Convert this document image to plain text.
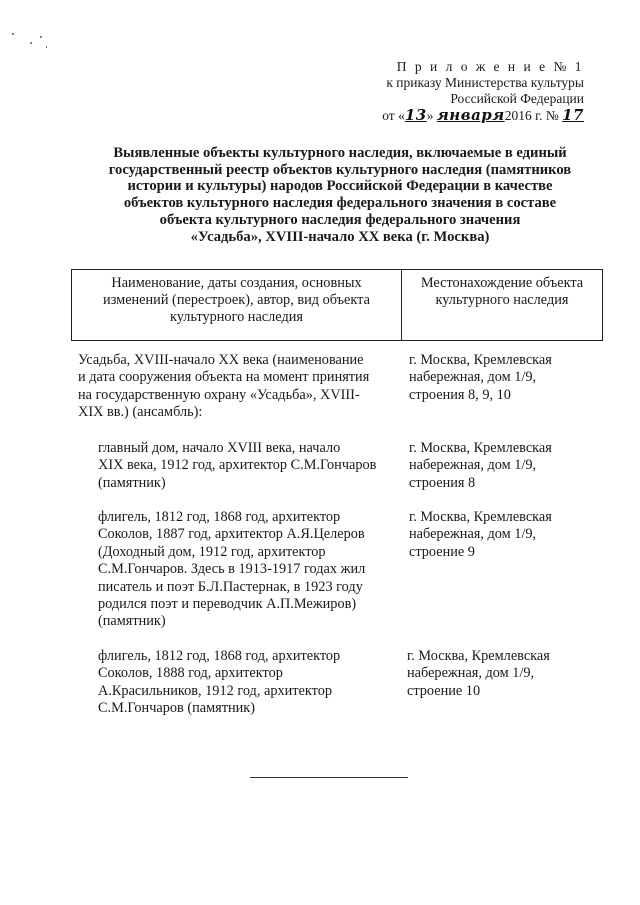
П р и л о ж е н и е № 1
к приказу Министерства культуры
Российской Федерации
от «13» января2016 г. № 17
Выявленные объекты культурного наследия, включаемые в единый
государственный реестр объектов культурного наследия (памятников
истории и культуры) народов Российской Федерации в качестве
объектов культурного наследия федерального значения в составе
объекта культурного наследия федерального значения
«Усадьба», XVIII-начало XX века (г. Москва)
Наименование, даты создания, основных
изменений (перестроек), автор, вид объекта
культурного наследия
Местонахождение объекта
культурного наследия
Усадьба, XVIII-начало XX века (наименование
и дата сооружения объекта на момент принятия
на государственную охрану «Усадьба», XVIII-
XIX вв.) (ансамбль):
г. Москва, Кремлевская
набережная, дом 1/9,
строения 8, 9, 10
главный дом, начало XVIII века, начало
XIX века, 1912 год, архитектор С.М.Гончаров
(памятник)
г. Москва, Кремлевская
набережная, дом 1/9,
строения 8
флигель, 1812 год, 1868 год, архитектор
Соколов, 1887 год, архитектор А.Я.Целеров
(Доходный дом, 1912 год, архитектор
С.М.Гончаров. Здесь в 1913-1917 годах жил
писатель и поэт Б.Л.Пастернак, в 1923 году
родился поэт и переводчик А.П.Межиров)
(памятник)
г. Москва, Кремлевская
набережная, дом 1/9,
строение 9
флигель, 1812 год, 1868 год, архитектор
Соколов, 1888 год, архитектор
А.Красильников, 1912 год, архитектор
С.М.Гончаров (памятник)
г. Москва, Кремлевская
набережная, дом 1/9,
строение 10
